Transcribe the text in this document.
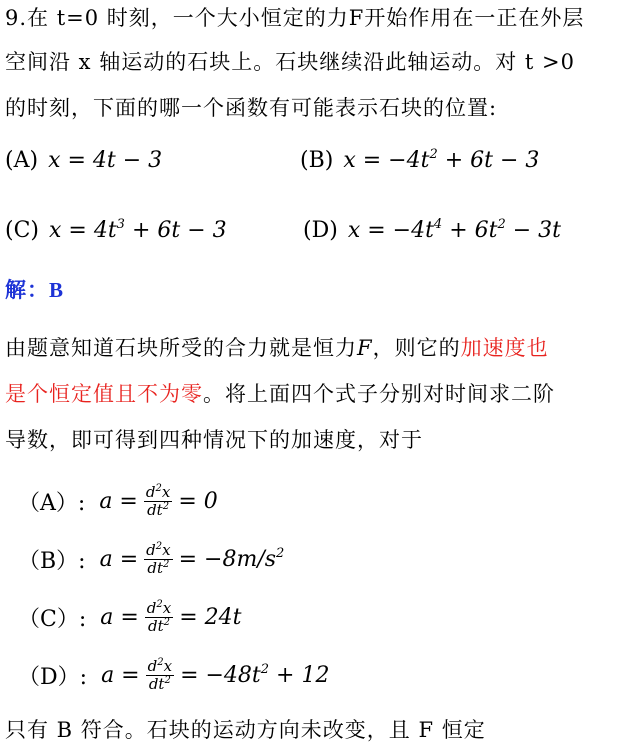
9.在 t=0 时刻，一个大小恒定的力F开始作用在一正在外层
空间沿 x 轴运动的石块上。石块继续沿此轴运动。对 t >0
的时刻，下面的哪一个函数有可能表示石块的位置:
(A) x = 4t − 3	(B) $x = -4t^2 + 6t - 3$
(C) $x = 4t^3 + 6t - 3$	(D) $x = -4t^4 + 6t^2 - 3t$
解：B
由题意知道石块所受的合力就是恒力F，则它的加速度也
是个恒定值且不为零。将上面四个式子分别对时间求二阶
导数，即可得到四种情况下的加速度，对于
（A）:
$a = \frac{d^2x}{dt^2} = 0$
（B）:
$a = \frac{d^2x}{dt^2} = -8m/s^2$
（C）:
$a = \frac{d^2x}{dt^2} = 24t$
（D）:
$a = \frac{d^2x}{dt^2} = -48t^2 + 12$
只有 B 符合。石块的运动方向未改变，且 F 恒定
